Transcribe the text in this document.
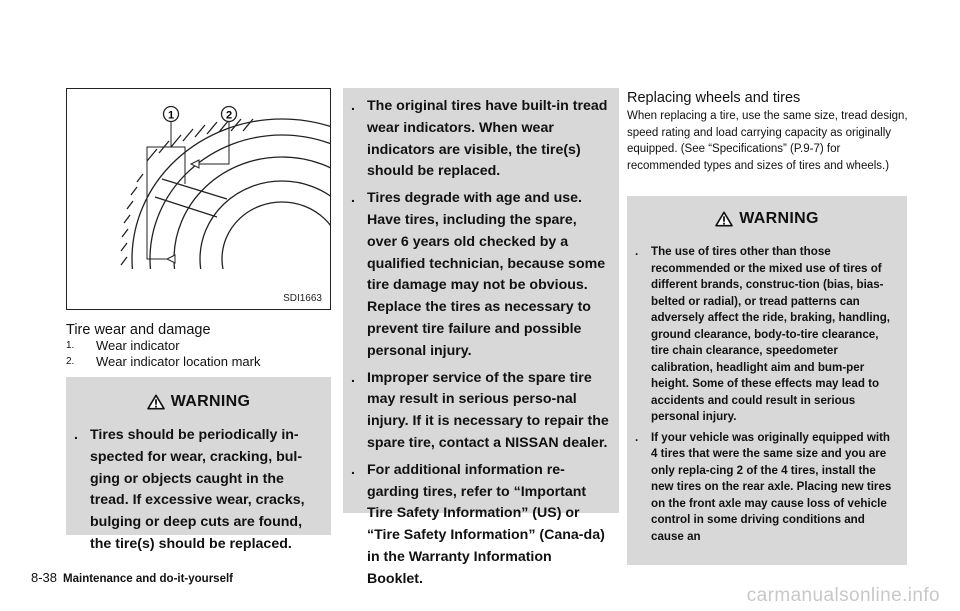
1	2
SDI1663
Tire wear and damage
1.	Wear indicator
2.	Wear indicator location mark
WARNING
. Tires should be periodically in-spected for wear, cracking, bul-ging or objects caught in the tread. If excessive wear, cracks, bulging or deep cuts are found, the tire(s) should be replaced.
. The original tires have built-in tread wear indicators. When wear indicators are visible, the tire(s) should be replaced.
. Tires degrade with age and use. Have tires, including the spare, over 6 years old checked by a qualified technician, because some tire damage may not be obvious. Replace the tires as necessary to prevent tire failure and possible personal injury.
. Improper service of the spare tire may result in serious perso-nal injury. If it is necessary to repair the spare tire, contact a NISSAN dealer.
. For additional information re-garding tires, refer to “Important Tire Safety Information” (US) or “Tire Safety Information” (Cana-da) in the Warranty Information Booklet.
Replacing wheels and tires
When replacing a tire, use the same size, tread design, speed rating and load carrying capacity as originally equipped. (See “Specifications” (P.9-7) for recommended types and sizes of tires and wheels.)
WARNING
.	The use of tires other than those recommended or the mixed use of tires of different brands, construc-tion (bias, bias-belted or radial), or tread patterns can adversely affect the ride, braking, handling, ground clearance, body-to-tire clearance, tire chain clearance, speedometer calibration, headlight aim and bum-per height. Some of these effects may lead to accidents and could result in serious personal injury.
.	If your vehicle was originally equipped with 4 tires that were the same size and you are only repla-cing 2 of the 4 tires, install the new tires on the rear axle. Placing new tires on the front axle may cause loss of vehicle control in some driving conditions and cause an
8-38 Maintenance and do-it-yourself
carmanualsonline.info
